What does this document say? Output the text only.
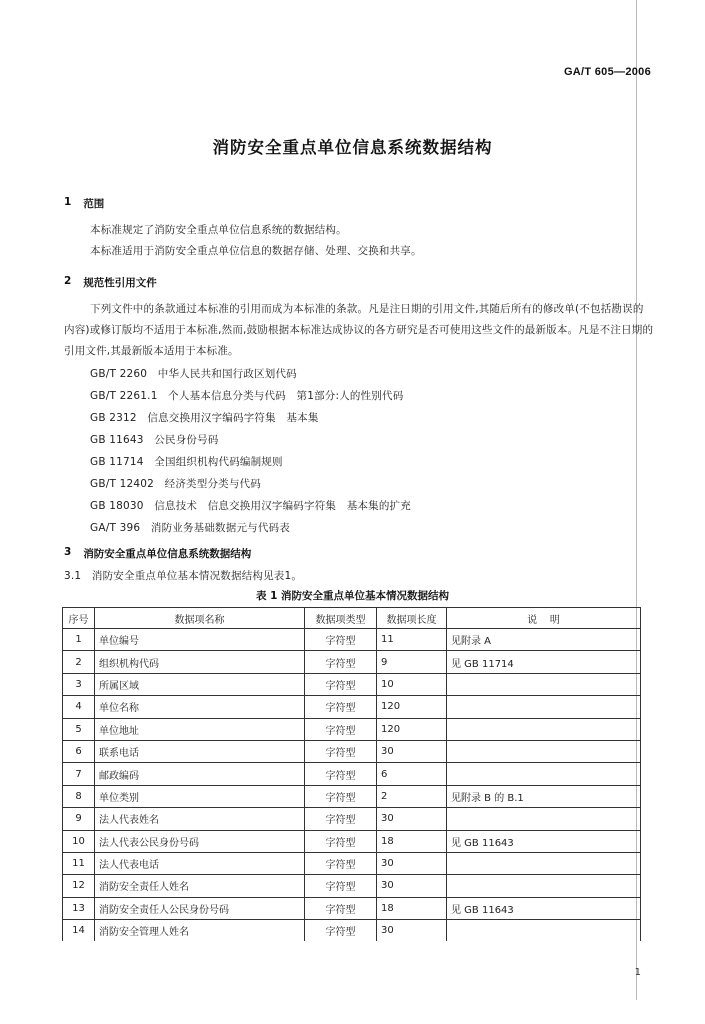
GA/T 605—2006
消防安全重点单位信息系统数据结构
1 范围
本标准规定了消防安全重点单位信息系统的数据结构。
本标准适用于消防安全重点单位信息的数据存储、处理、交换和共享。
2 规范性引用文件
下列文件中的条款通过本标准的引用而成为本标准的条款。凡是注日期的引用文件,其随后所有的修改单(不包括勘误的内容)或修订版均不适用于本标准,然而,鼓励根据本标准达成协议的各方研究是否可使用这些文件的最新版本。凡是不注日期的引用文件,其最新版本适用于本标准。
GB/T 2260   中华人民共和国行政区划代码
GB/T 2261.1   个人基本信息分类与代码   第1部分:人的性别代码
GB 2312   信息交换用汉字编码字符集   基本集
GB 11643   公民身份号码
GB 11714   全国组织机构代码编制规则
GB/T 12402   经济类型分类与代码
GB 18030   信息技术   信息交换用汉字编码字符集   基本集的扩充
GA/T 396   消防业务基础数据元与代码表
3 消防安全重点单位信息系统数据结构
3.1   消防安全重点单位基本情况数据结构见表1。
表 1 消防安全重点单位基本情况数据结构
序号	数据项名称	数据项类型	数据项长度	说    明
1	单位编号	字符型	11	见附录 A
2	组织机构代码	字符型	9	见 GB 11714
3	所属区域	字符型	10	
4	单位名称	字符型	120	
5	单位地址	字符型	120	
6	联系电话	字符型	30	
7	邮政编码	字符型	6	
8	单位类别	字符型	2	见附录 B 的 B.1
9	法人代表姓名	字符型	30	
10	法人代表公民身份号码	字符型	18	见 GB 11643
11	法人代表电话	字符型	30	
12	消防安全责任人姓名	字符型	30	
13	消防安全责任人公民身份号码	字符型	18	见 GB 11643
14	消防安全管理人姓名	字符型	30	
1
